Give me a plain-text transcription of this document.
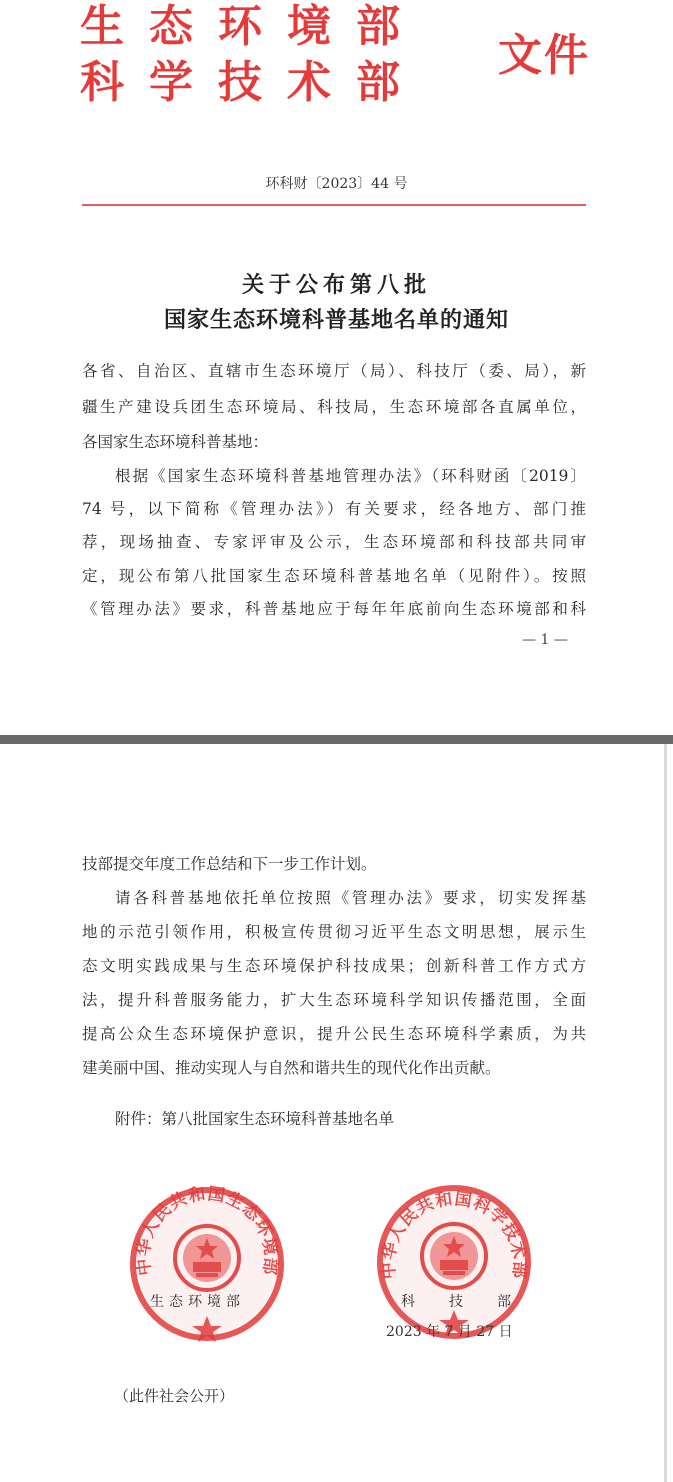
生态环境部
科学技术部
文件
环科财〔2023〕44 号
关于公布第八批
国家生态环境科普基地名单的通知
各省、自治区、直辖市生态环境厅（局）、科技厅（委、局），新
疆生产建设兵团生态环境局、科技局，生态环境部各直属单位，
各国家生态环境科普基地：
根据《国家生态环境科普基地管理办法》（环科财函〔2019〕
74 号，以下简称《管理办法》）有关要求，经各地方、部门推
荐，现场抽查、专家评审及公示，生态环境部和科技部共同审
定，现公布第八批国家生态环境科普基地名单（见附件）。按照
《管理办法》要求，科普基地应于每年年底前向生态环境部和科
— 1 —
技部提交年度工作总结和下一步工作计划。
请各科普基地依托单位按照《管理办法》要求，切实发挥基
地的示范引领作用，积极宣传贯彻习近平生态文明思想，展示生
态文明实践成果与生态环境保护科技成果；创新科普工作方式方
法，提升科普服务能力，扩大生态环境科学知识传播范围，全面
提高公众生态环境保护意识，提升公民生态环境科学素质，为共
建美丽中国、推动实现人与自然和谐共生的现代化作出贡献。
附件：第八批国家生态环境科普基地名单
中华人民共和国生态环境部	中华人民共和国科学技术部
生态环境部	科技部
2023 年 7 月 27 日
（此件社会公开）
